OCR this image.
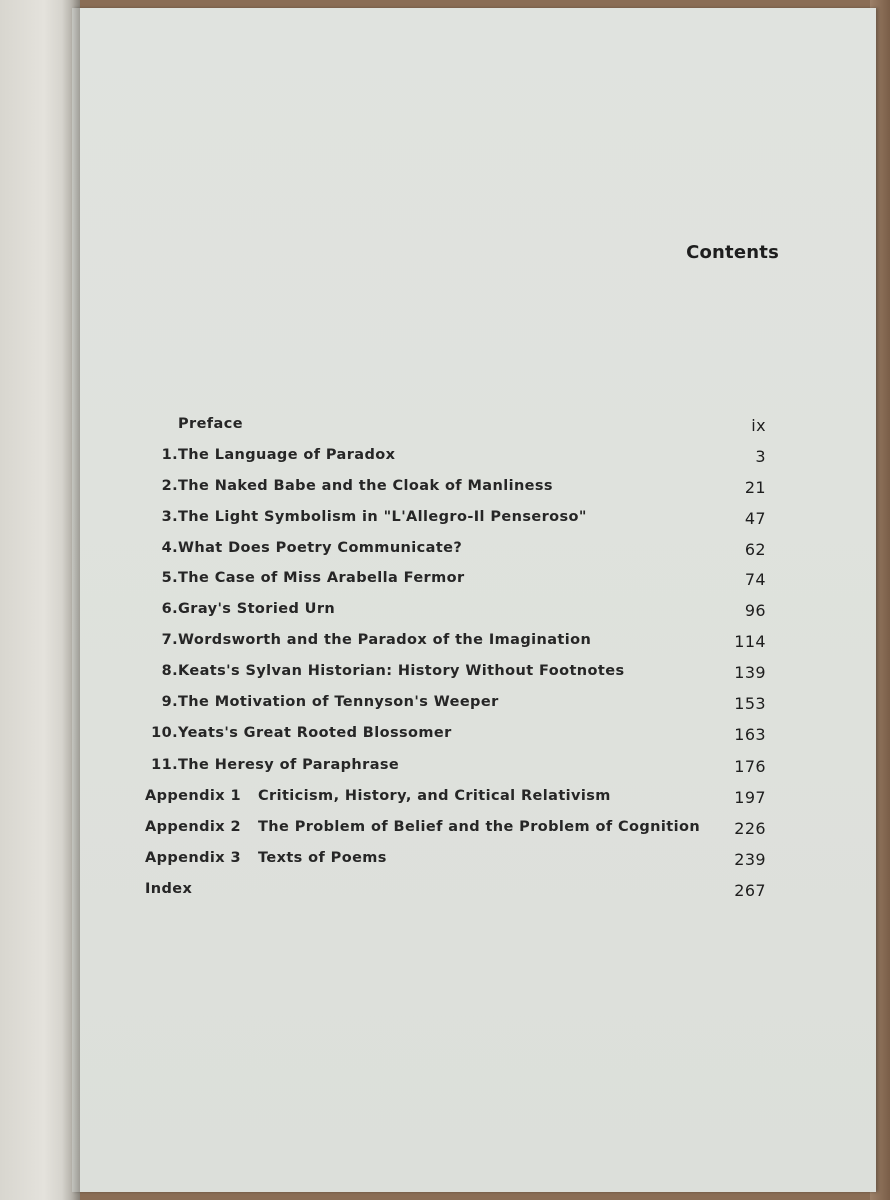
Contents
Preface	ix
1. The Language of Paradox	3
2. The Naked Babe and the Cloak of Manliness	21
3. The Light Symbolism in "L'Allegro-Il Penseroso"	47
4. What Does Poetry Communicate?	62
5. The Case of Miss Arabella Fermor	74
6. Gray's Storied Urn	96
7. Wordsworth and the Paradox of the Imagination	114
8. Keats's Sylvan Historian: History Without Footnotes	139
9. The Motivation of Tennyson's Weeper	153
10. Yeats's Great Rooted Blossomer	163
11. The Heresy of Paraphrase	176
Appendix 1 Criticism, History, and Critical Relativism	197
Appendix 2 The Problem of Belief and the Problem of Cognition 226
Appendix 3 Texts of Poems	239
Index	267
